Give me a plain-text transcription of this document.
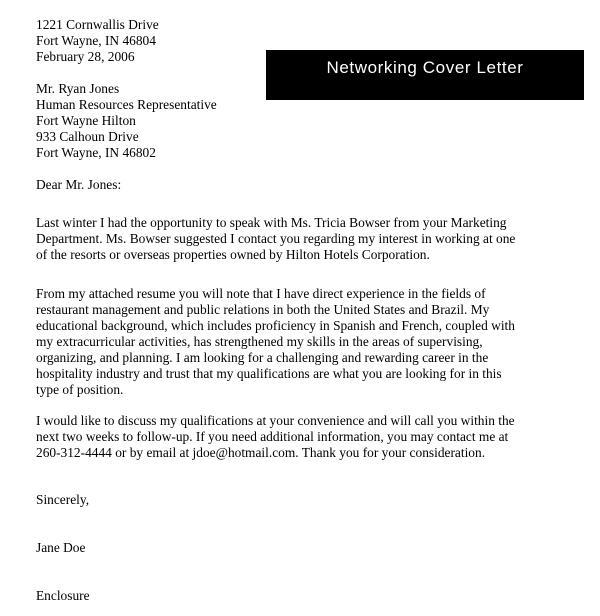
Networking Cover Letter
1221 Cornwallis Drive
Fort Wayne, IN 46804
February 28, 2006
Mr. Ryan Jones
Human Resources Representative
Fort Wayne Hilton
933 Calhoun Drive
Fort Wayne, IN 46802
Dear Mr. Jones:
Last winter I had the opportunity to speak with Ms. Tricia Bowser from your Marketing
Department. Ms. Bowser suggested I contact you regarding my interest in working at one
of the resorts or overseas properties owned by Hilton Hotels Corporation.
From my attached resume you will note that I have direct experience in the fields of
restaurant management and public relations in both the United States and Brazil. My
educational background, which includes proficiency in Spanish and French, coupled with
my extracurricular activities, has strengthened my skills in the areas of supervising,
organizing, and planning. I am looking for a challenging and rewarding career in the
hospitality industry and trust that my qualifications are what you are looking for in this
type of position.
I would like to discuss my qualifications at your convenience and will call you within the
next two weeks to follow-up. If you need additional information, you may contact me at
260-312-4444 or by email at jdoe@hotmail.com. Thank you for your consideration.
Sincerely,
Jane Doe
Enclosure
